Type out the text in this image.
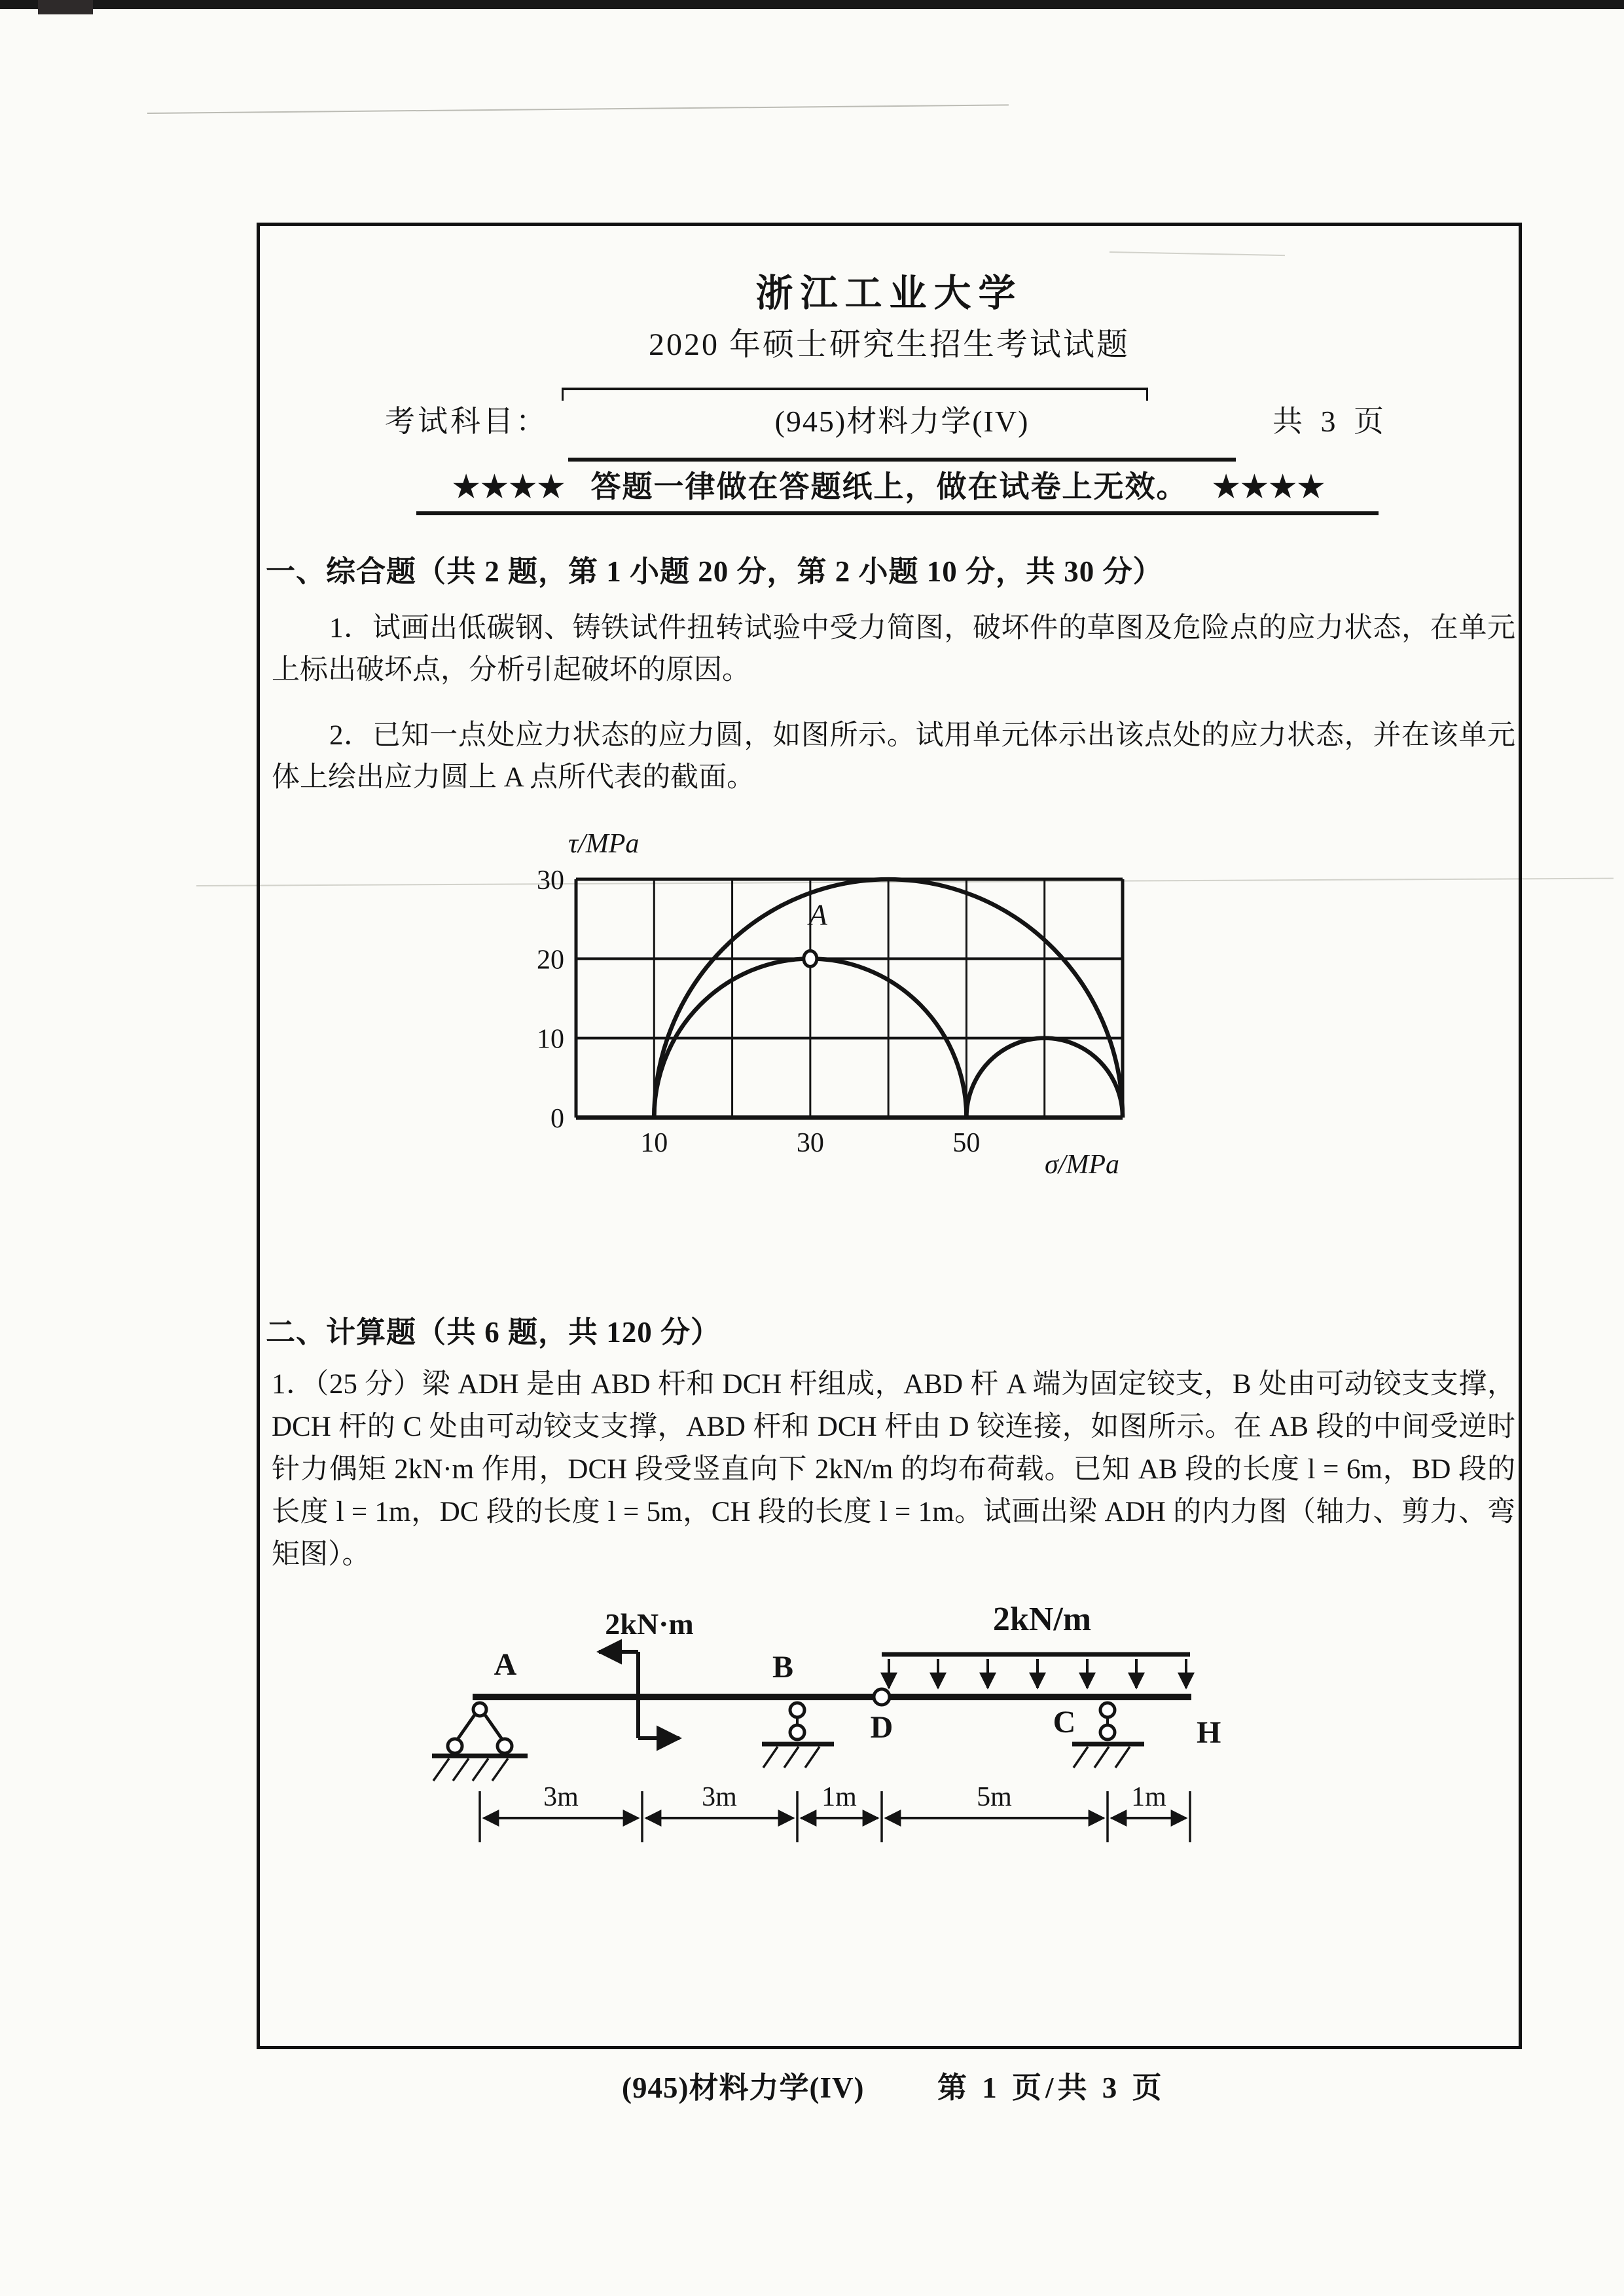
浙江工业大学
2020 年硕士研究生招生考试试题
考试科目：	(945)材料力学(IV)	共 3 页
★★★★ 答题一律做在答题纸上，做在试卷上无效。 ★★★★
一、综合题（共 2 题，第 1 小题 20 分，第 2 小题 10 分，共 30 分）
1．试画出低碳钢、铸铁试件扭转试验中受力简图，破坏件的草图及危险点的应力状态，在单元上标出破坏点，分析引起破坏的原因。
2．已知一点处应力状态的应力圆，如图所示。试用单元体示出该点处的应力状态，并在该单元体上绘出应力圆上 A 点所代表的截面。
A
0
10
20
30
10	30	50
τ/MPa
σ/MPa
二、计算题（共 6 题，共 120 分）
1．（25 分）梁 ADH 是由 ABD 杆和 DCH 杆组成，ABD 杆 A 端为固定铰支，B 处由可动铰支支撑，DCH 杆的 C 处由可动铰支支撑，ABD 杆和 DCH 杆由 D 铰连接，如图所示。在 AB 段的中间受逆时针力偶矩 2kN·m 作用，DCH 段受竖直向下 2kN/m 的均布荷载。已知 AB 段的长度 l = 6m，BD 段的长度 l = 1m，DC 段的长度 l = 5m，CH 段的长度 l = 1m。试画出梁 ADH 的内力图（轴力、剪力、弯矩图）。
2kN·m	2kN/m
A	B
D	C	H
3m	3m	1m	5m	1m
(945)材料力学(IV) 第 1 页/共 3 页
